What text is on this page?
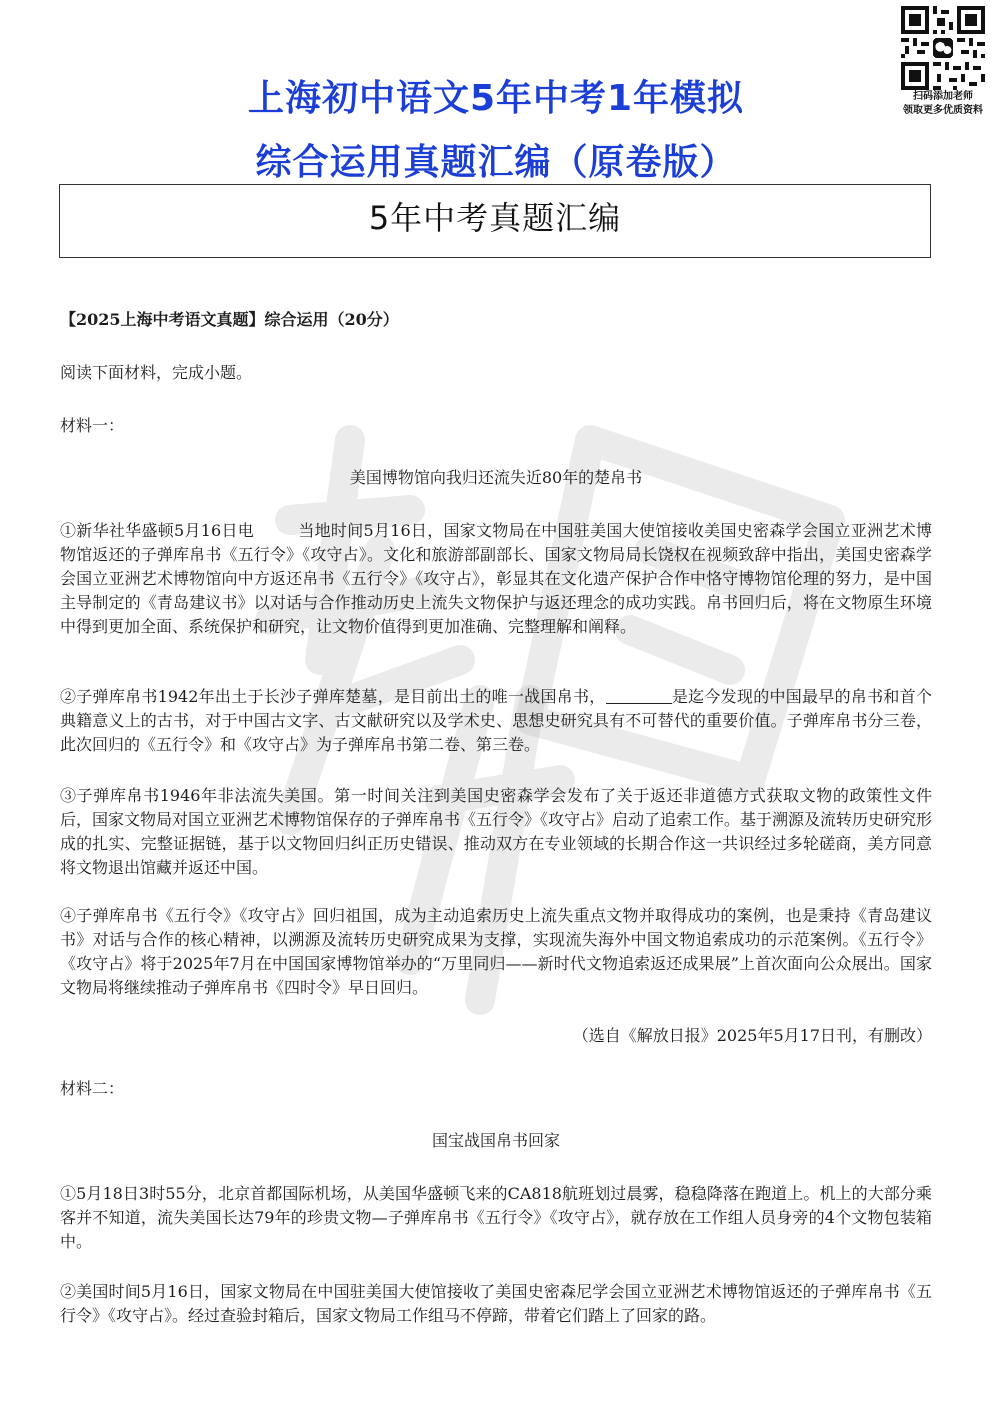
上海初中语文5年中考1年模拟
综合运用真题汇编（原卷版）
扫码添加老师
领取更多优质资料
5年中考真题汇编
【2025上海中考语文真题】综合运用（20分）
阅读下面材料，完成小题。
材料一：
美国博物馆向我归还流失近80年的楚帛书
①新华社华盛顿5月16日电	当地时间5月16日，国家文物局在中国驻美国大使馆接收美国史密森学会国立亚洲艺术博物馆返还的子弹库帛书《五行令》《攻守占》。文化和旅游部副部长、国家文物局局长饶权在视频致辞中指出，美国史密森学会国立亚洲艺术博物馆向中方返还帛书《五行令》《攻守占》，彰显其在文化遗产保护合作中恪守博物馆伦理的努力，是中国主导制定的《青岛建议书》以对话与合作推动历史上流失文物保护与返还理念的成功实践。帛书回归后，将在文物原生环境中得到更加全面、系统保护和研究，让文物价值得到更加准确、完整理解和阐释。
②子弹库帛书1942年出土于长沙子弹库楚墓，是目前出土的唯一战国帛书，	是迄今发现的中国最早的帛书和首个典籍意义上的古书，对于中国古文字、古文献研究以及学术史、思想史研究具有不可替代的重要价值。子弹库帛书分三卷，此次回归的《五行令》和《攻守占》为子弹库帛书第二卷、第三卷。
③子弹库帛书1946年非法流失美国。第一时间关注到美国史密森学会发布了关于返还非道德方式获取文物的政策性文件后，国家文物局对国立亚洲艺术博物馆保存的子弹库帛书《五行令》《攻守占》启动了追索工作。基于溯源及流转历史研究形成的扎实、完整证据链，基于以文物回归纠正历史错误、推动双方在专业领域的长期合作这一共识经过多轮磋商，美方同意将文物退出馆藏并返还中国。
④子弹库帛书《五行令》《攻守占》回归祖国，成为主动追索历史上流失重点文物并取得成功的案例，也是秉持《青岛建议书》对话与合作的核心精神，以溯源及流转历史研究成果为支撑，实现流失海外中国文物追索成功的示范案例。《五行令》《攻守占》将于2025年7月在中国国家博物馆举办的“万里同归——新时代文物追索返还成果展”上首次面向公众展出。国家文物局将继续推动子弹库帛书《四时令》早日回归。
（选自《解放日报》2025年5月17日刊，有删改）
材料二：
国宝战国帛书回家
①5月18日3时55分，北京首都国际机场，从美国华盛顿飞来的CA818航班划过晨雾，稳稳降落在跑道上。机上的大部分乘客并不知道，流失美国长达79年的珍贵文物—子弹库帛书《五行令》《攻守占》，就存放在工作组人员身旁的4个文物包装箱中。
②美国时间5月16日，国家文物局在中国驻美国大使馆接收了美国史密森尼学会国立亚洲艺术博物馆返还的子弹库帛书《五行令》《攻守占》。经过查验封箱后，国家文物局工作组马不停蹄，带着它们踏上了回家的路。
